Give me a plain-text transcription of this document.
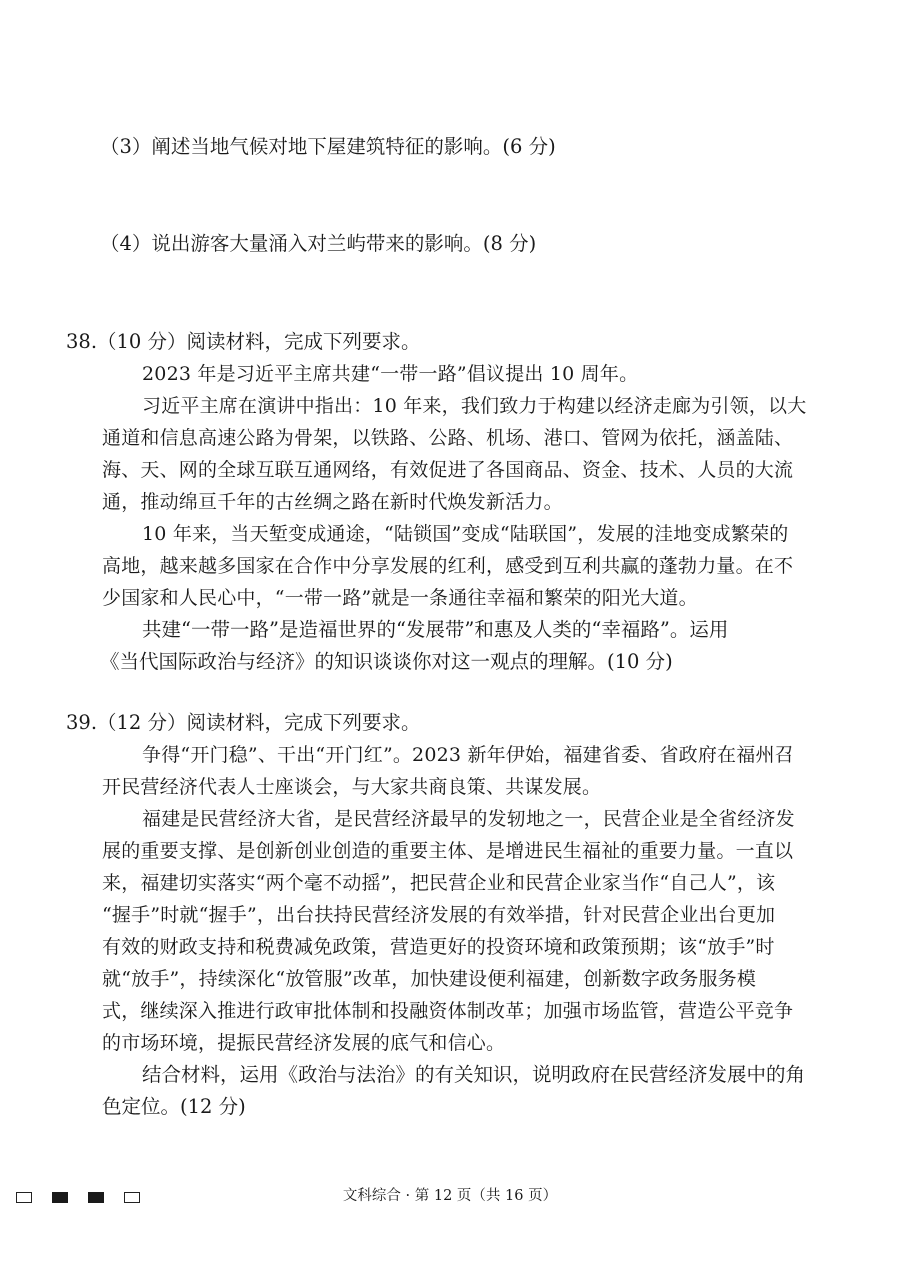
（3）阐述当地气候对地下屋建筑特征的影响。(6 分)
（4）说出游客大量涌入对兰屿带来的影响。(8 分)
38.（10 分）阅读材料，完成下列要求。
2023 年是习近平主席共建“一带一路”倡议提出 10 周年。
习近平主席在演讲中指出：10 年来，我们致力于构建以经济走廊为引领，以大
通道和信息高速公路为骨架，以铁路、公路、机场、港口、管网为依托，涵盖陆、
海、天、网的全球互联互通网络，有效促进了各国商品、资金、技术、人员的大流
通，推动绵亘千年的古丝绸之路在新时代焕发新活力。
10 年来，当天堑变成通途，“陆锁国”变成“陆联国”，发展的洼地变成繁荣的
高地，越来越多国家在合作中分享发展的红利，感受到互利共赢的蓬勃力量。在不
少国家和人民心中，“一带一路”就是一条通往幸福和繁荣的阳光大道。
共建“一带一路”是造福世界的“发展带”和惠及人类的“幸福路”。运用
《当代国际政治与经济》的知识谈谈你对这一观点的理解。(10 分)
39.（12 分）阅读材料，完成下列要求。
争得“开门稳”、干出“开门红”。2023 新年伊始，福建省委、省政府在福州召
开民营经济代表人士座谈会，与大家共商良策、共谋发展。
福建是民营经济大省，是民营经济最早的发轫地之一，民营企业是全省经济发
展的重要支撑、是创新创业创造的重要主体、是增进民生福祉的重要力量。一直以
来，福建切实落实“两个毫不动摇”，把民营企业和民营企业家当作“自己人”，该
“握手”时就“握手”，出台扶持民营经济发展的有效举措，针对民营企业出台更加
有效的财政支持和税费减免政策，营造更好的投资环境和政策预期；该“放手”时
就“放手”，持续深化“放管服”改革，加快建设便利福建，创新数字政务服务模
式，继续深入推进行政审批体制和投融资体制改革；加强市场监管，营造公平竞争
的市场环境，提振民营经济发展的底气和信心。
结合材料，运用《政治与法治》的有关知识，说明政府在民营经济发展中的角
色定位。(12 分)
文科综合 · 第 12 页（共 16 页）
